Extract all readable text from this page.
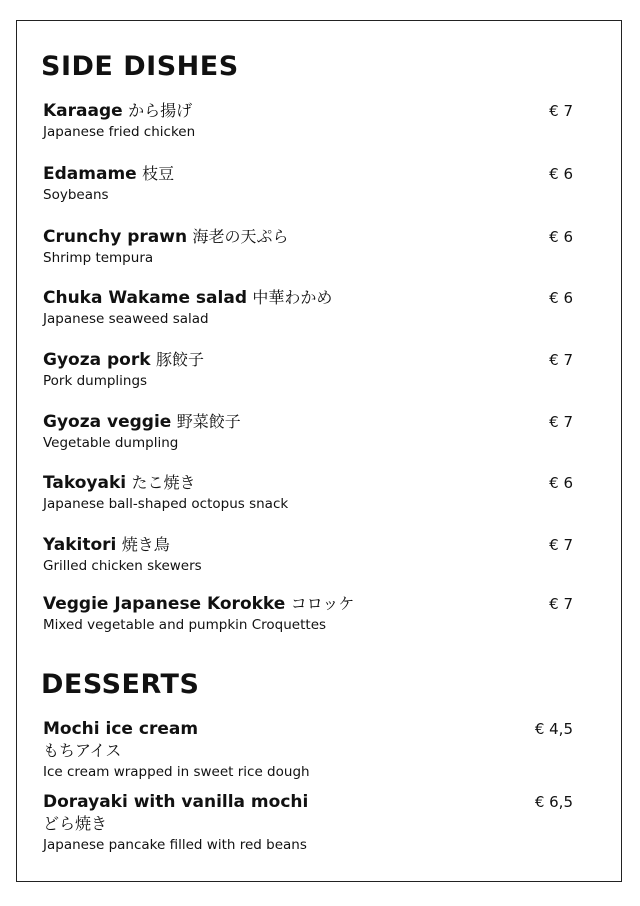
SIDE DISHES
Karaage から揚げ
Japanese fried chicken
€ 7
Edamame 枝豆
Soybeans
€ 6
Crunchy prawn 海老の天ぷら
Shrimp tempura
€ 6
Chuka Wakame salad 中華わかめ
Japanese seaweed salad
€ 6
Gyoza pork 豚餃子
Pork dumplings
€ 7
Gyoza veggie 野菜餃子
Vegetable dumpling
€ 7
Takoyaki たこ焼き
Japanese ball-shaped octopus snack
€ 6
Yakitori 焼き鳥
Grilled chicken skewers
€ 7
Veggie Japanese Korokke コロッケ
Mixed vegetable and pumpkin Croquettes
€ 7
DESSERTS
Mochi ice cream
もちアイス
Ice cream wrapped in sweet rice dough
€ 4,5
Dorayaki with vanilla mochi
どら焼き
Japanese pancake filled with red beans
€ 6,5
